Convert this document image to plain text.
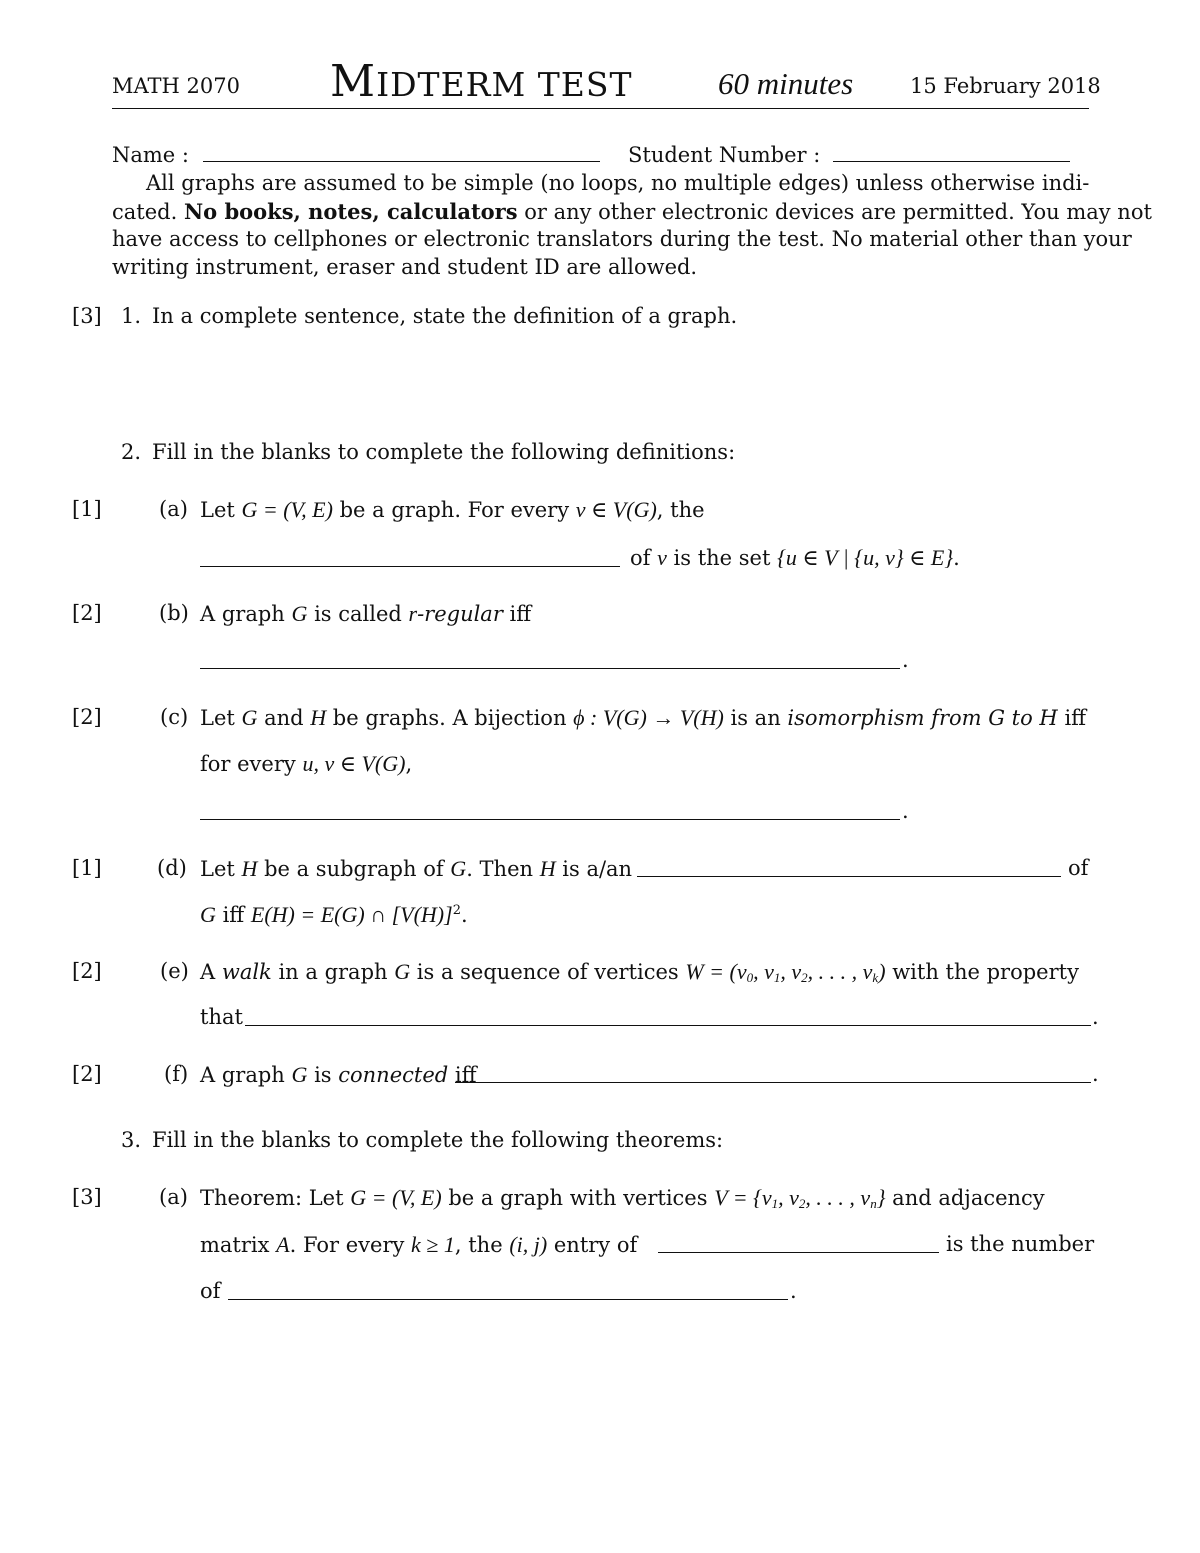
MATH 2070 MIDTERM TEST	60 minutes	15 February 2018
Name :	Student Number :
All graphs are assumed to be simple (no loops, no multiple edges) unless otherwise indi-
cated. No books, notes, calculators or any other electronic devices are permitted. You may not
have access to cellphones or electronic translators during the test. No material other than your
writing instrument, eraser and student ID are allowed.
[3] 1. In a complete sentence, state the definition of a graph.
2. Fill in the blanks to complete the following definitions:
[1]	(a) Let G = (V, E) be a graph. For every v ∈ V(G), the
of v is the set {u ∈ V | {u, v} ∈ E}.
[2]	(b) A graph G is called r-regular iff
.
[2]	(c) Let G and H be graphs. A bijection ϕ : V(G) → V(H) is an isomorphism from G to H iff
for every u, v ∈ V(G),
.
[1]	(d) Let H be a subgraph of G. Then H is a/an	of
G iff E(H) = E(G) ∩ $[V(H)]^2$.
[2]	(e) A walk in a graph G is a sequence of vertices $W = (v_0$, $v_1$, $v_2$, . . . , $v_k$) with the property
that	.
[2]	(f) A graph G is connected iff	.
3. Fill in the blanks to complete the following theorems:
[3]	(a) Theorem: Let G = (V, E) be a graph with vertices $V = \{v_1$, $v_2$, . . . , $v_n$} and adjacency
matrix A. For every k ≥ 1, the (i, j) entry of	is the number
of	.
